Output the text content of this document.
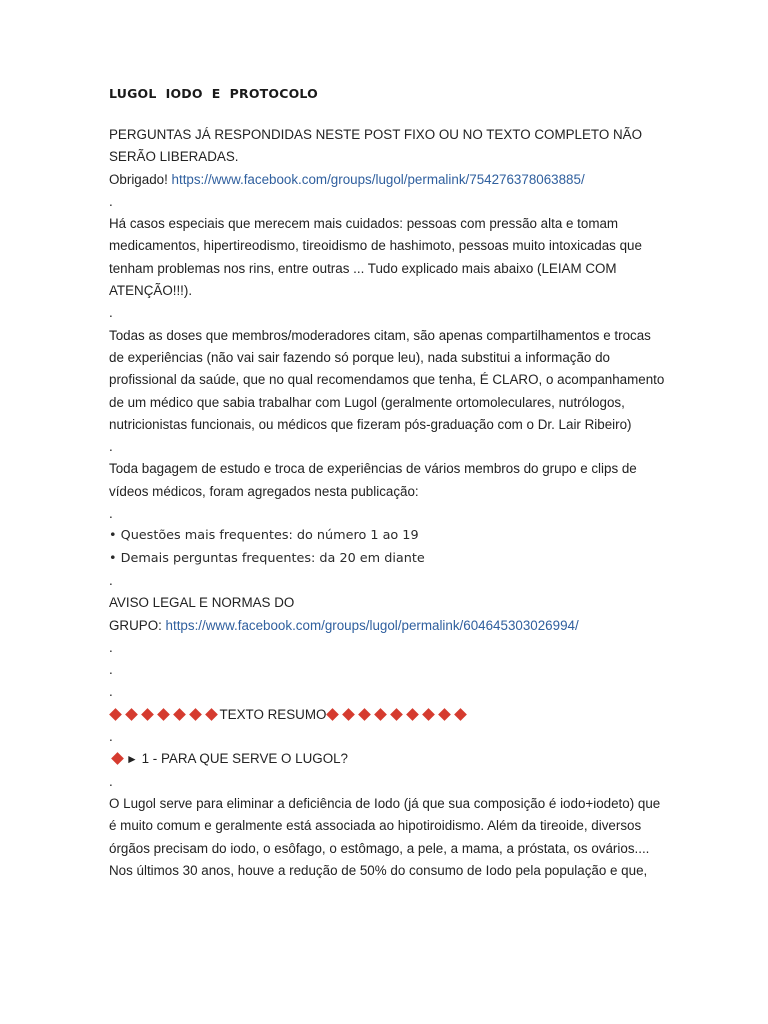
LUGOL  IODO  E  PROTOCOLO

PERGUNTAS JÁ RESPONDIDAS NESTE POST FIXO OU NO TEXTO COMPLETO NÃO SERÃO LIBERADAS.

Obrigado! https://www.facebook.com/groups/lugol/permalink/754276378063885/

.

Há casos especiais que merecem mais cuidados: pessoas com pressão alta e tomam medicamentos, hipertireodismo, tireoidismo de hashimoto, pessoas muito intoxicadas que tenham problemas nos rins, entre outras ... Tudo explicado mais abaixo (LEIAM COM ATENÇÃO!!!).

.

Todas as doses que membros/moderadores citam, são apenas compartilhamentos e trocas de experiências (não vai sair fazendo só porque leu), nada substitui a informação do profissional da saúde, que no qual recomendamos que tenha, É CLARO, o acompanhamento de um médico que sabia trabalhar com Lugol (geralmente ortomoleculares, nutrólogos, nutricionistas funcionais, ou médicos que fizeram pós-graduação com o Dr. Lair Ribeiro)

.

Toda bagagem de estudo e troca de experiências de vários membros do grupo e clips de vídeos médicos, foram agregados nesta publicação:

.

• Questões mais frequentes: do número 1 ao 19

• Demais perguntas frequentes: da 20 em diante

.

AVISO LEGAL E NORMAS DO

GRUPO: https://www.facebook.com/groups/lugol/permalink/604645303026994/

.

.

.

TEXTO RESUMO

.

► 1 - PARA QUE SERVE O LUGOL?

.

O Lugol serve para eliminar a deficiência de Iodo (já que sua composição é iodo+iodeto) que é muito comum e geralmente está associada ao hipotiroidismo. Além da tireoide, diversos órgãos precisam do iodo, o esôfago, o estômago, a pele, a mama, a próstata, os ovários....

Nos últimos 30 anos, houve a redução de 50% do consumo de Iodo pela população e que,
